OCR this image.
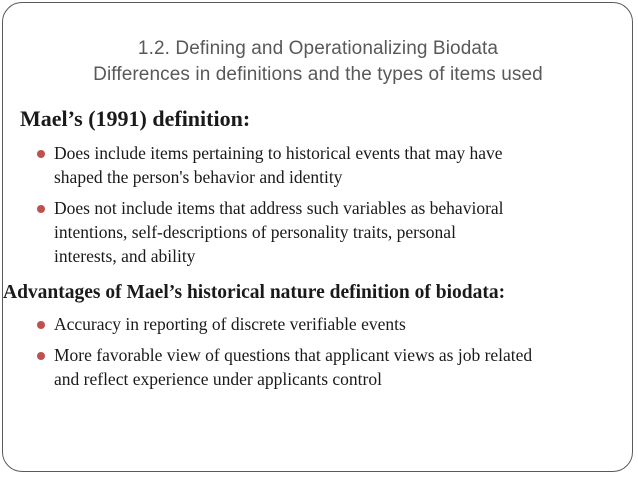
1.2. Defining and Operationalizing Biodata
Differences in definitions and the types of items used
Mael’s (1991) definition:
Does include items pertaining to historical events that may have
shaped the person's behavior and identity
Does not include items that address such variables as behavioral
intentions, self-descriptions of personality traits, personal
interests, and ability
Advantages of Mael’s historical nature definition of biodata:
Accuracy in reporting of discrete verifiable events
More favorable view of questions that applicant views as job related
and reflect experience under applicants control
